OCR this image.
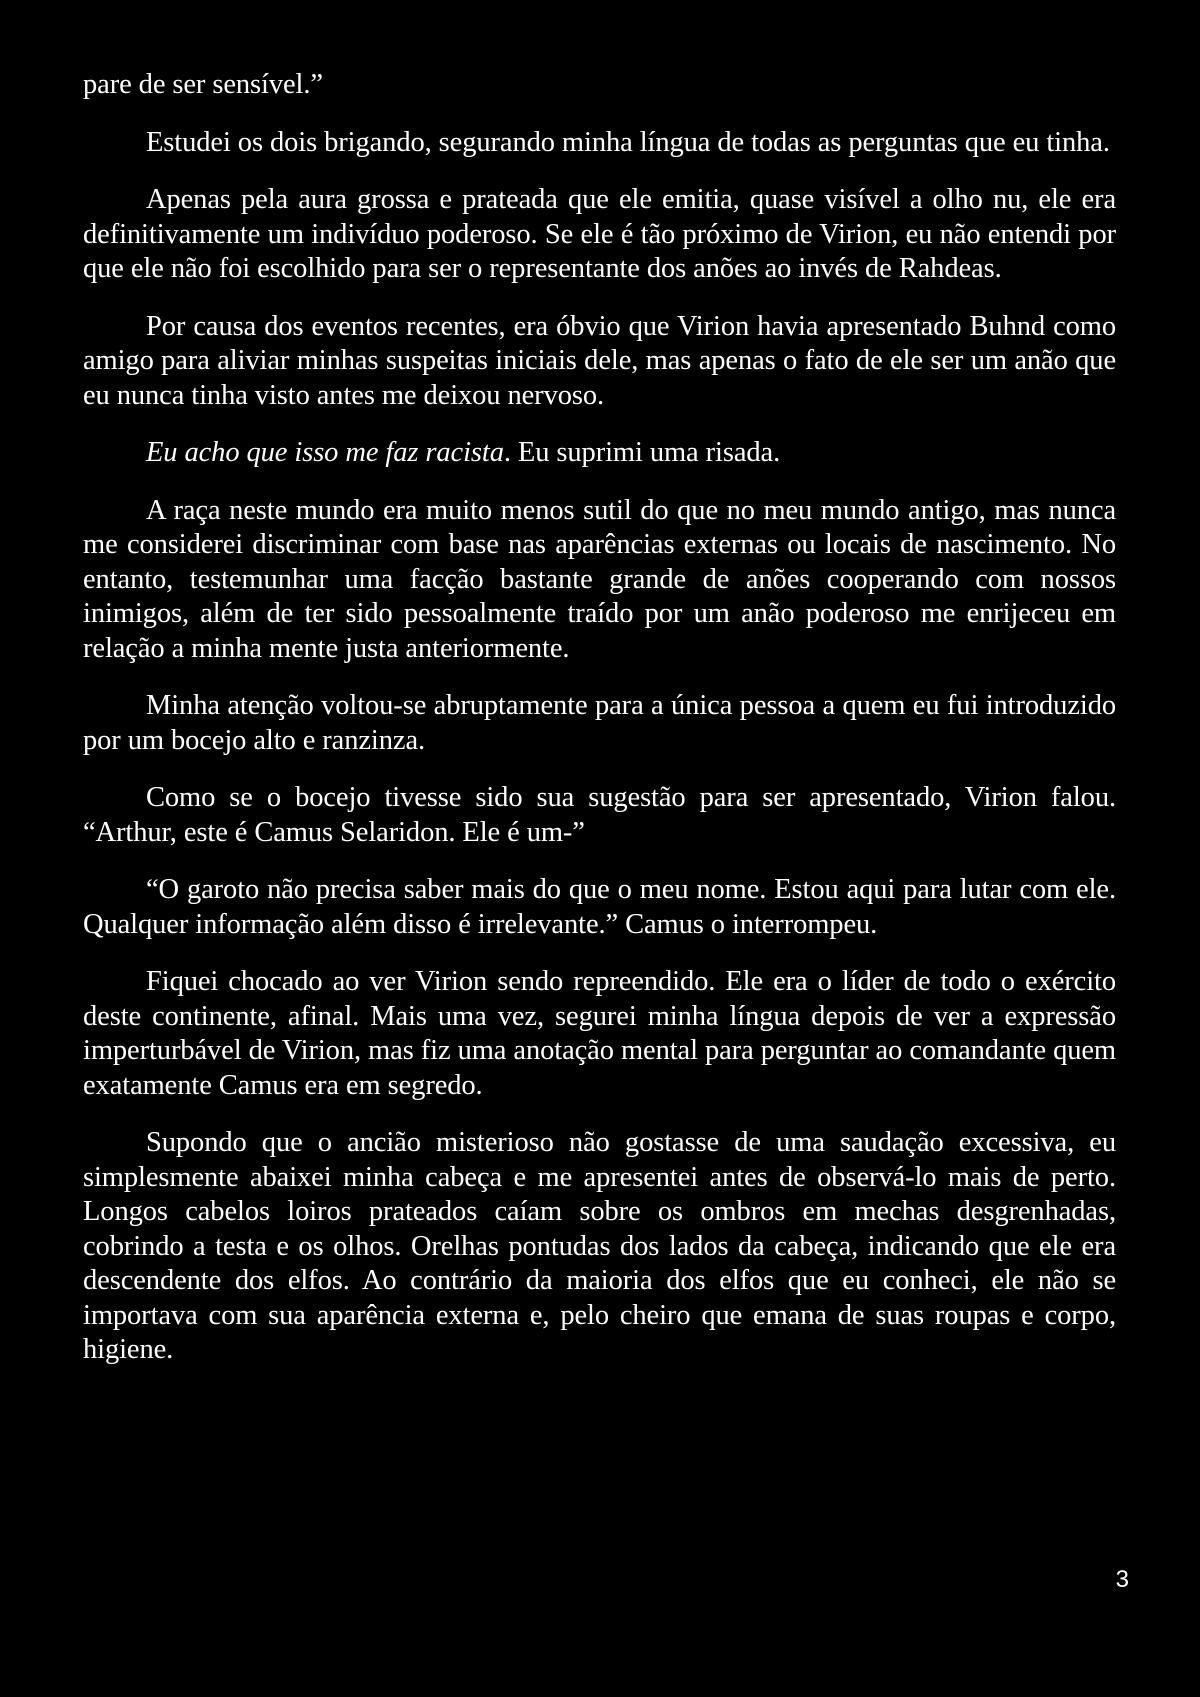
pare de ser sensível.”

Estudei os dois brigando, segurando minha língua de todas as perguntas que eu tinha.

Apenas pela aura grossa e prateada que ele emitia, quase visível a olho nu, ele era definitivamente um indivíduo poderoso. Se ele é tão próximo de Virion, eu não entendi por que ele não foi escolhido para ser o representante dos anões ao invés de Rahdeas.

Por causa dos eventos recentes, era óbvio que Virion havia apresentado Buhnd como amigo para aliviar minhas suspeitas iniciais dele, mas apenas o fato de ele ser um anão que eu nunca tinha visto antes me deixou nervoso.

Eu acho que isso me faz racista. Eu suprimi uma risada.

A raça neste mundo era muito menos sutil do que no meu mundo antigo, mas nunca me considerei discriminar com base nas aparências externas ou locais de nascimento. No entanto, testemunhar uma facção bastante grande de anões cooperando com nossos inimigos, além de ter sido pessoalmente traído por um anão poderoso me enrijeceu em relação a minha mente justa anteriormente.

Minha atenção voltou-se abruptamente para a única pessoa a quem eu fui introduzido por um bocejo alto e ranzinza.

Como se o bocejo tivesse sido sua sugestão para ser apresentado, Virion falou. “Arthur, este é Camus Selaridon. Ele é um-”

“O garoto não precisa saber mais do que o meu nome. Estou aqui para lutar com ele. Qualquer informação além disso é irrelevante.” Camus o interrompeu.

Fiquei chocado ao ver Virion sendo repreendido. Ele era o líder de todo o exército deste continente, afinal. Mais uma vez, segurei minha língua depois de ver a expressão imperturbável de Virion, mas fiz uma anotação mental para perguntar ao comandante quem exatamente Camus era em segredo.

Supondo que o ancião misterioso não gostasse de uma saudação excessiva, eu simplesmente abaixei minha cabeça e me apresentei antes de observá-lo mais de perto. Longos cabelos loiros prateados caíam sobre os ombros em mechas desgrenhadas, cobrindo a testa e os olhos. Orelhas pontudas dos lados da cabeça, indicando que ele era descendente dos elfos. Ao contrário da maioria dos elfos que eu conheci, ele não se importava com sua aparência externa e, pelo cheiro que emana de suas roupas e corpo, higiene.

3
